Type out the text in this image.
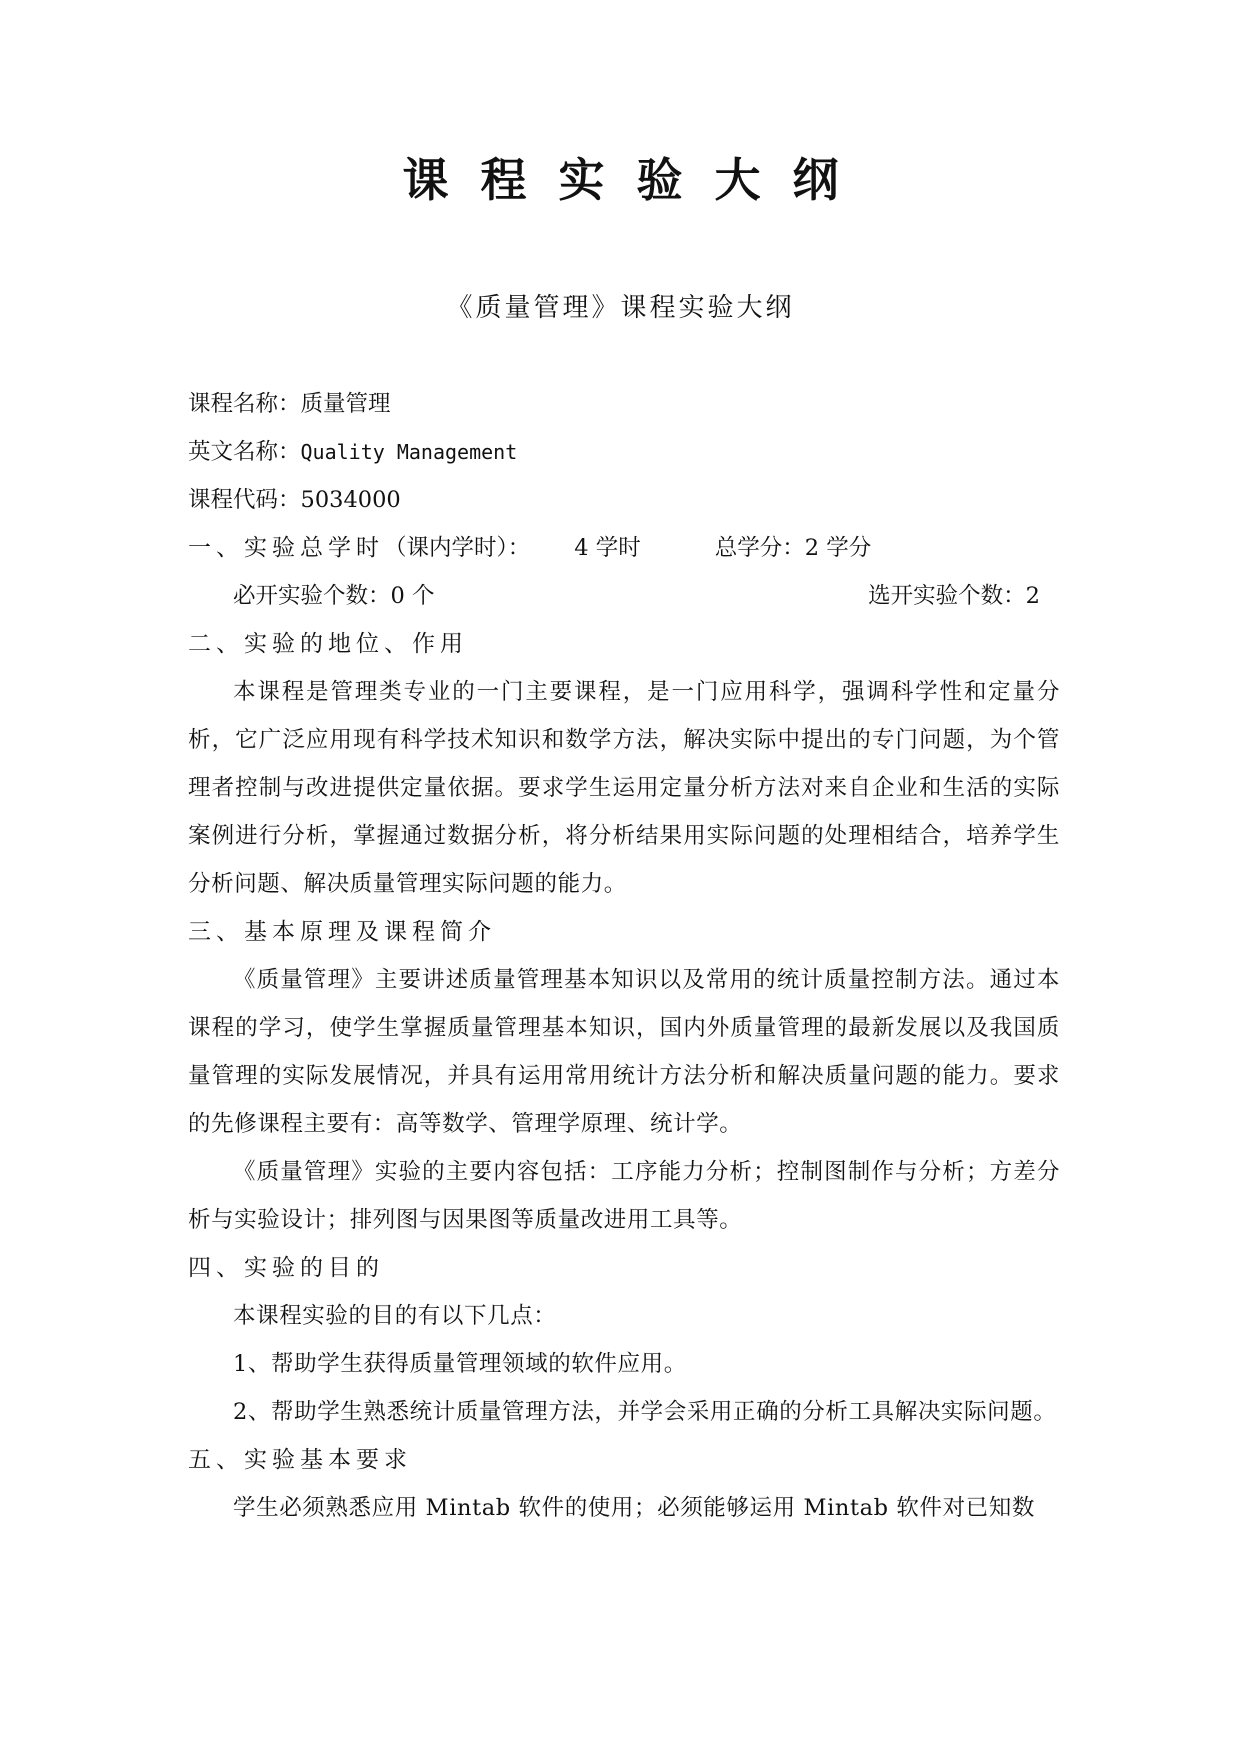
课程实验大纲
《质量管理》课程实验大纲
课程名称：质量管理
英文名称：Quality Management
课程代码：5034000
一、实验总学时 （课内学时）： 4 学时	总学分： 2 学分
必开实验个数： 0 个	选开实验个数： 2
二、实验的地位、作用
本课程是管理类专业的一门主要课程，是一门应用科学，强调科学性和定量分析，它广泛应用现有科学技术知识和数学方法，解决实际中提出的专门问题，为个管理者控制与改进提供定量依据。要求学生运用定量分析方法对来自企业和生活的实际案例进行分析，掌握通过数据分析，将分析结果用实际问题的处理相结合，培养学生分析问题、解决质量管理实际问题的能力。
三、基本原理及课程简介
《质量管理》主要讲述质量管理基本知识以及常用的统计质量控制方法。通过本课程的学习，使学生掌握质量管理基本知识，国内外质量管理的最新发展以及我国质量管理的实际发展情况，并具有运用常用统计方法分析和解决质量问题的能力。要求的先修课程主要有：高等数学、管理学原理、统计学。
《质量管理》实验的主要内容包括：工序能力分析；控制图制作与分析；方差分析与实验设计；排列图与因果图等质量改进用工具等。
四、实验的目的
本课程实验的目的有以下几点：
1、帮助学生获得质量管理领域的软件应用。
2、帮助学生熟悉统计质量管理方法，并学会采用正确的分析工具解决实际问题。
五、实验基本要求
学生必须熟悉应用 Mintab 软件的使用；必须能够运用 Mintab 软件对已知数
